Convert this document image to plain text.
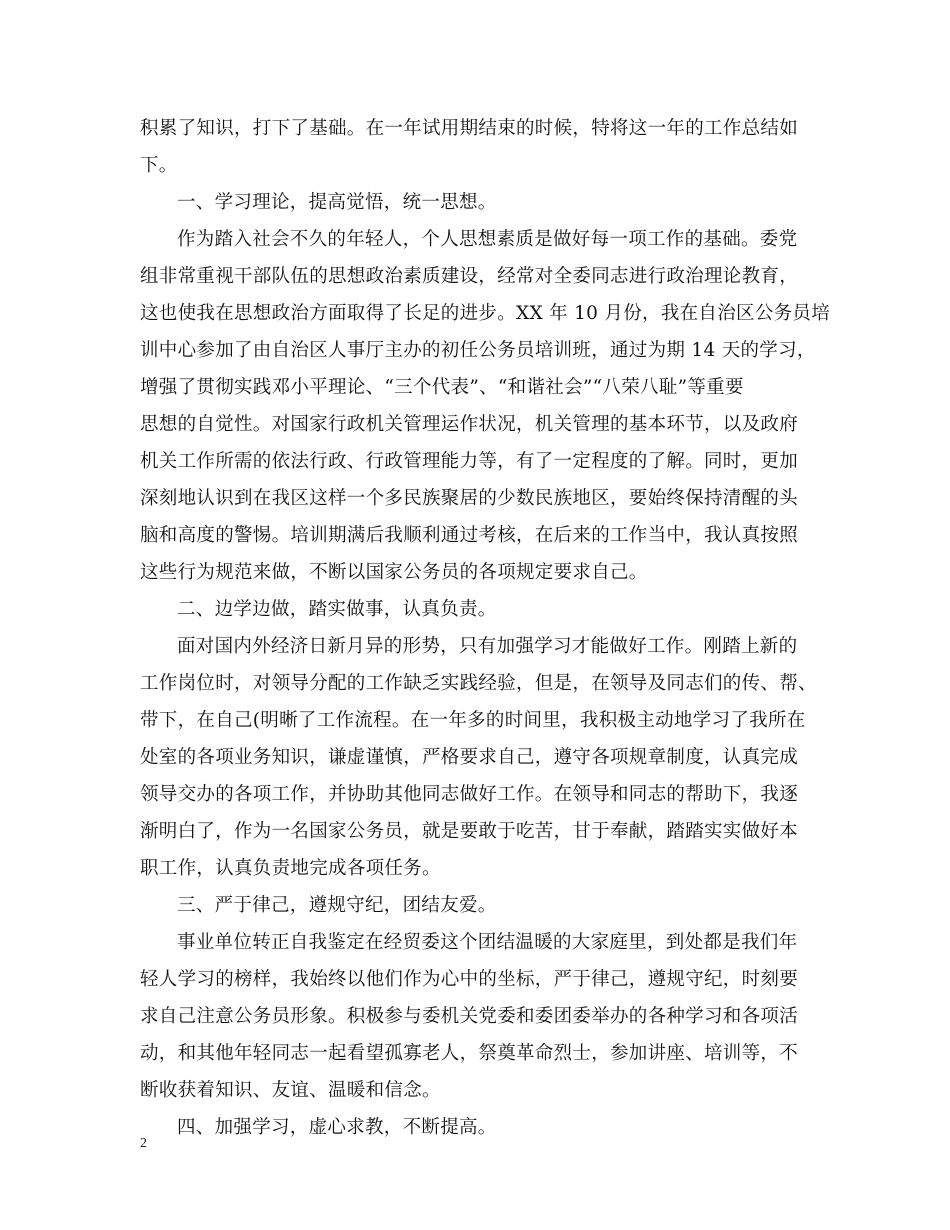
积累了知识，打下了基础。在一年试用期结束的时候，特将这一年的工作总结如
下。
一、学习理论，提高觉悟，统一思想。
作为踏入社会不久的年轻人，个人思想素质是做好每一项工作的基础。委党
组非常重视干部队伍的思想政治素质建设，经常对全委同志进行政治理论教育，
这也使我在思想政治方面取得了长足的进步。XX 年 10 月份，我在自治区公务员培
训中心参加了由自治区人事厅主办的初任公务员培训班，通过为期 14 天的学习，
增强了贯彻实践邓小平理论、“三个代表”、“和谐社会”“八荣八耻”等重要
思想的自觉性。对国家行政机关管理运作状况，机关管理的基本环节，以及政府
机关工作所需的依法行政、行政管理能力等，有了一定程度的了解。同时，更加
深刻地认识到在我区这样一个多民族聚居的少数民族地区，要始终保持清醒的头
脑和高度的警惕。培训期满后我顺利通过考核，在后来的工作当中，我认真按照
这些行为规范来做，不断以国家公务员的各项规定要求自己。
二、边学边做，踏实做事，认真负责。
面对国内外经济日新月异的形势，只有加强学习才能做好工作。刚踏上新的
工作岗位时，对领导分配的工作缺乏实践经验，但是，在领导及同志们的传、帮、
带下，在自己(明晰了工作流程。在一年多的时间里，我积极主动地学习了我所在
处室的各项业务知识，谦虚谨慎，严格要求自己，遵守各项规章制度，认真完成
领导交办的各项工作，并协助其他同志做好工作。在领导和同志的帮助下，我逐
渐明白了，作为一名国家公务员，就是要敢于吃苦，甘于奉献，踏踏实实做好本
职工作，认真负责地完成各项任务。
三、严于律己，遵规守纪，团结友爱。
事业单位转正自我鉴定在经贸委这个团结温暖的大家庭里，到处都是我们年
轻人学习的榜样，我始终以他们作为心中的坐标，严于律己，遵规守纪，时刻要
求自己注意公务员形象。积极参与委机关党委和委团委举办的各种学习和各项活
动，和其他年轻同志一起看望孤寡老人，祭奠革命烈士，参加讲座、培训等，不
断收获着知识、友谊、温暖和信念。
四、加强学习，虚心求教，不断提高。
2
